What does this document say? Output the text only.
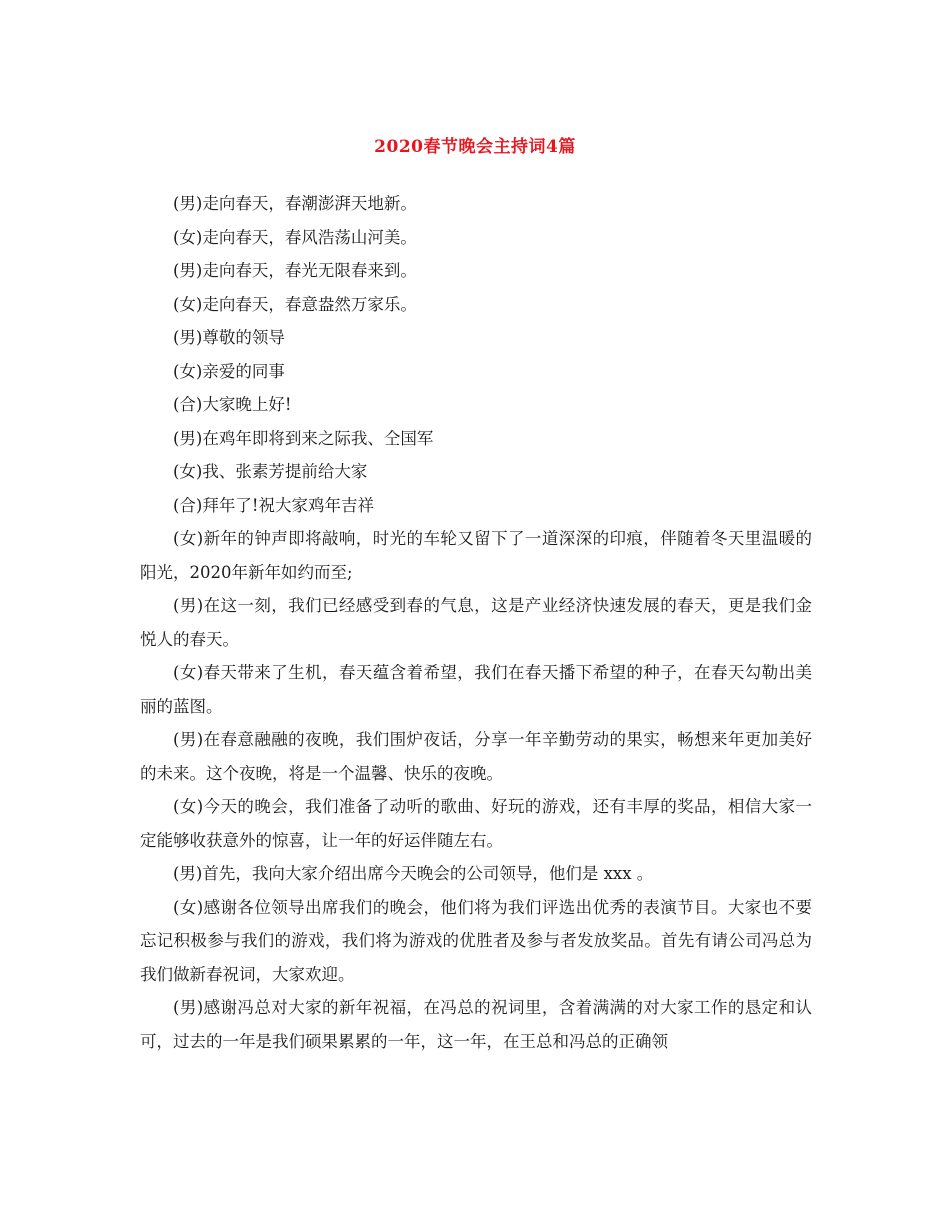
2020春节晚会主持词4篇

(男)走向春天，春潮澎湃天地新。

(女)走向春天，春风浩荡山河美。

(男)走向春天，春光无限春来到。

(女)走向春天，春意盎然万家乐。

(男)尊敬的领导

(女)亲爱的同事

(合)大家晚上好!

(男)在鸡年即将到来之际我、仝国军

(女)我、张素芳提前给大家

(合)拜年了!祝大家鸡年吉祥

(女)新年的钟声即将敲响，时光的车轮又留下了一道深深的印痕，伴随着冬天里温暖的阳光，2020年新年如约而至;

(男)在这一刻，我们已经感受到春的气息，这是产业经济快速发展的春天，更是我们金悦人的春天。

(女)春天带来了生机，春天蕴含着希望，我们在春天播下希望的种子，在春天勾勒出美丽的蓝图。

(男)在春意融融的夜晚，我们围炉夜话，分享一年辛勤劳动的果实，畅想来年更加美好的未来。这个夜晚，将是一个温馨、快乐的夜晚。

(女)今天的晚会，我们准备了动听的歌曲、好玩的游戏，还有丰厚的奖品，相信大家一定能够收获意外的惊喜，让一年的好运伴随左右。

(男)首先，我向大家介绍出席今天晚会的公司领导，他们是 xxx 。

(女)感谢各位领导出席我们的晚会，他们将为我们评选出优秀的表演节目。大家也不要忘记积极参与我们的游戏，我们将为游戏的优胜者及参与者发放奖品。首先有请公司冯总为我们做新春祝词，大家欢迎。

(男)感谢冯总对大家的新年祝福，在冯总的祝词里，含着满满的对大家工作的恳定和认可，过去的一年是我们硕果累累的一年，这一年，在王总和冯总的正确领
